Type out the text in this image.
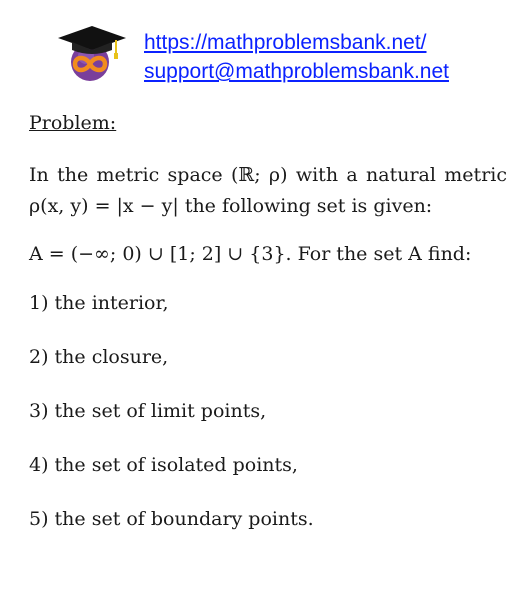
https://mathproblemsbank.net/
support@mathproblemsbank.net
Problem:
In the metric space (ℝ; ρ) with a natural metric
ρ(x, y) = |x − y| the following set is given:
A = (−∞; 0) ∪ [1; 2] ∪ {3}. For the set A find:
1) the interior,
2) the closure,
3) the set of limit points,
4) the set of isolated points,
5) the set of boundary points.
